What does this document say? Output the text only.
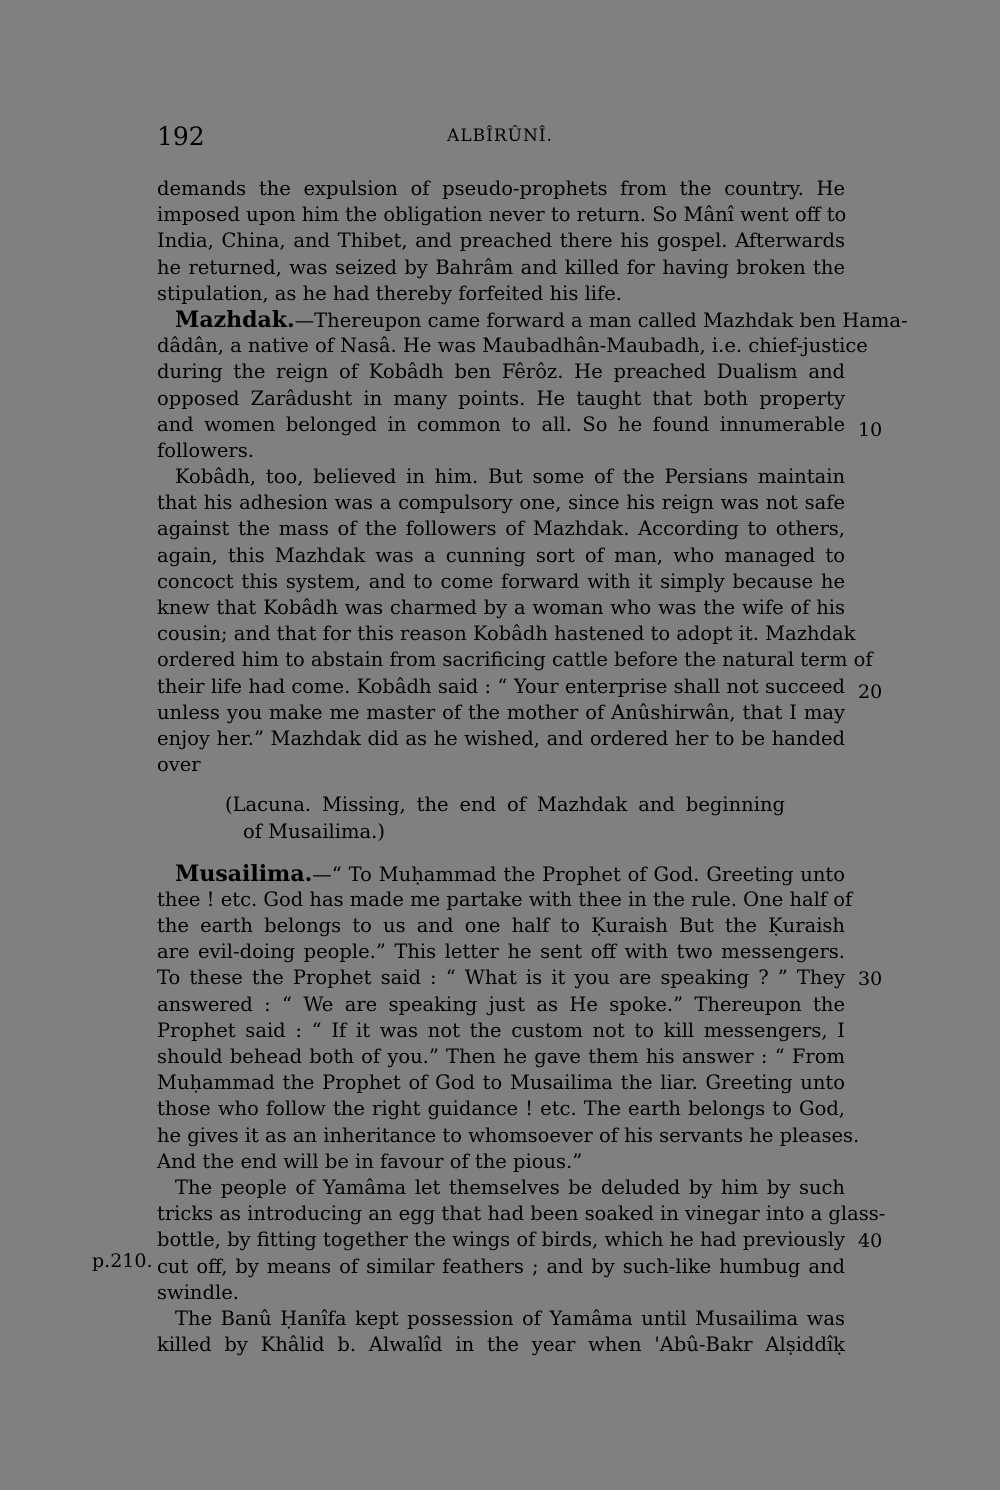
192	ALBÎRÛNÎ.
demands the expulsion of pseudo-prophets from the country. He
imposed upon him the obligation never to return. So Mânî went off to
India, China, and Thibet, and preached there his gospel. Afterwards
he returned, was seized by Bahrâm and killed for having broken the
stipulation, as he had thereby forfeited his life.
Mazhdak.—Thereupon came forward a man called Mazhdak ben Hama-
dâdân, a native of Nasâ. He was Maubadhân-Maubadh, i.e. chief-justice
during the reign of Kobâdh ben Fêrôz. He preached Dualism and
opposed Zarâdusht in many points. He taught that both property
and women belonged in common to all. So he found innumerable
followers.
Kobâdh, too, believed in him. But some of the Persians maintain
that his adhesion was a compulsory one, since his reign was not safe
against the mass of the followers of Mazhdak. According to others,
again, this Mazhdak was a cunning sort of man, who managed to
concoct this system, and to come forward with it simply because he
knew that Kobâdh was charmed by a woman who was the wife of his
cousin; and that for this reason Kobâdh hastened to adopt it. Mazhdak
ordered him to abstain from sacrificing cattle before the natural term of
their life had come. Kobâdh said : “ Your enterprise shall not succeed
unless you make me master of the mother of Anûshirwân, that I may
enjoy her.” Mazhdak did as he wished, and ordered her to be handed
over
(Lacuna. Missing, the end of Mazhdak and beginning
of Musailima.)
Musailima.—“ To Muḥammad the Prophet of God. Greeting unto
thee ! etc. God has made me partake with thee in the rule. One half of
the earth belongs to us and one half to Ḳuraish But the Ḳuraish
are evil-doing people.” This letter he sent off with two messengers.
To these the Prophet said : “ What is it you are speaking ? ” They
answered : “ We are speaking just as He spoke.” Thereupon the
Prophet said : “ If it was not the custom not to kill messengers, I
should behead both of you.” Then he gave them his answer : “ From
Muḥammad the Prophet of God to Musailima the liar. Greeting unto
those who follow the right guidance ! etc. The earth belongs to God,
he gives it as an inheritance to whomsoever of his servants he pleases.
And the end will be in favour of the pious.”
The people of Yamâma let themselves be deluded by him by such
tricks as introducing an egg that had been soaked in vinegar into a glass-
bottle, by fitting together the wings of birds, which he had previously
cut off, by means of similar feathers ; and by such-like humbug and
swindle.
The Banû Ḥanîfa kept possession of Yamâma until Musailima was
killed by Khâlid b. Alwalîd in the year when 'Abû-Bakr Alṣiddîḳ
10
20
30
40
p.210.
